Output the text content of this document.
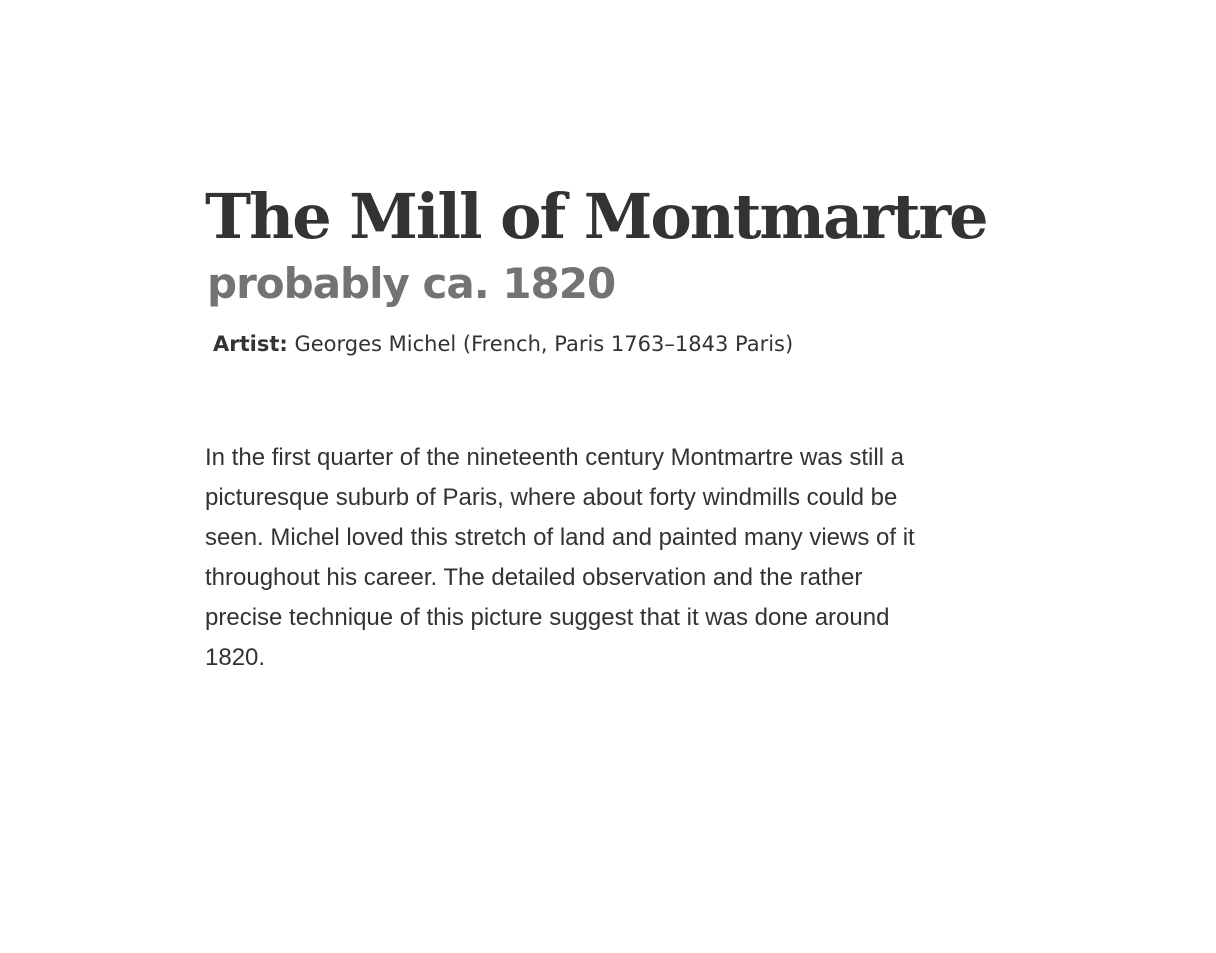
The Mill of Montmartre
probably ca. 1820
Artist: Georges Michel (French, Paris 1763–1843 Paris)

In the first quarter of the nineteenth century Montmartre was still a
picturesque suburb of Paris, where about forty windmills could be
seen. Michel loved this stretch of land and painted many views of it
throughout his career. The detailed observation and the rather
precise technique of this picture suggest that it was done around
1820.
